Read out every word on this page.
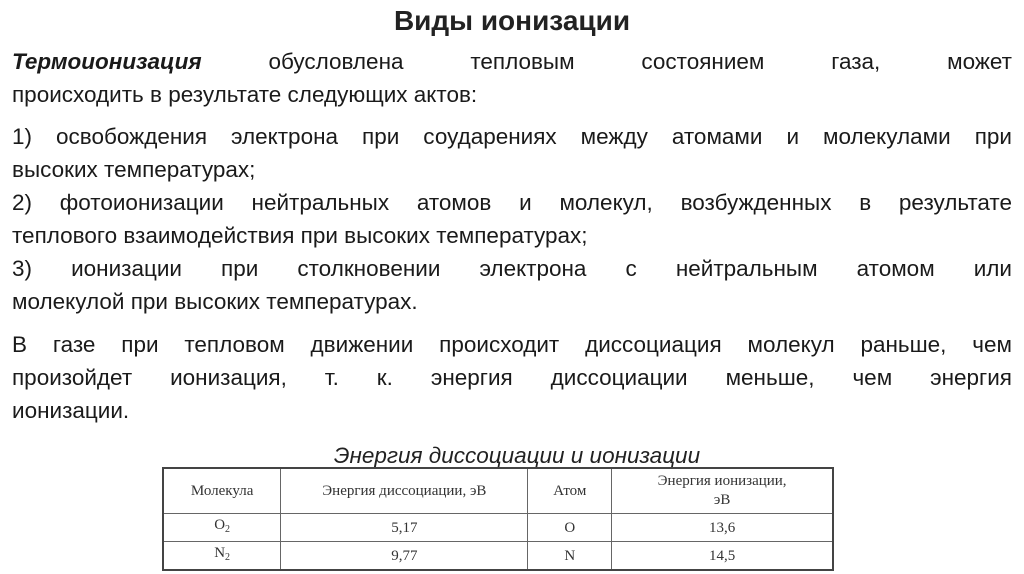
Виды ионизации
Термоионизация	обусловлена тепловым состоянием газа, может
происходить в результате следующих актов:
1) освобождения электрона при соударениях между атомами и молекулами при
высоких температурах;
2) фотоионизации нейтральных атомов и молекул, возбужденных в результате
теплового взаимодействия при высоких температурах;
3) ионизации при столкновении электрона с нейтральным атомом или
молекулой при высоких температурах.
В газе при тепловом движении происходит диссоциация молекул раньше, чем
произойдет ионизация, т. к. энергия диссоциации меньше, чем энергия
ионизации.
Энергия диссоциации и ионизации
Молекула	Энергия диссоциации, эВ	Атом	Энергия ионизации,
эВ
$O_2$	5,17	O	13,6
$N_2$	9,77	N	14,5
